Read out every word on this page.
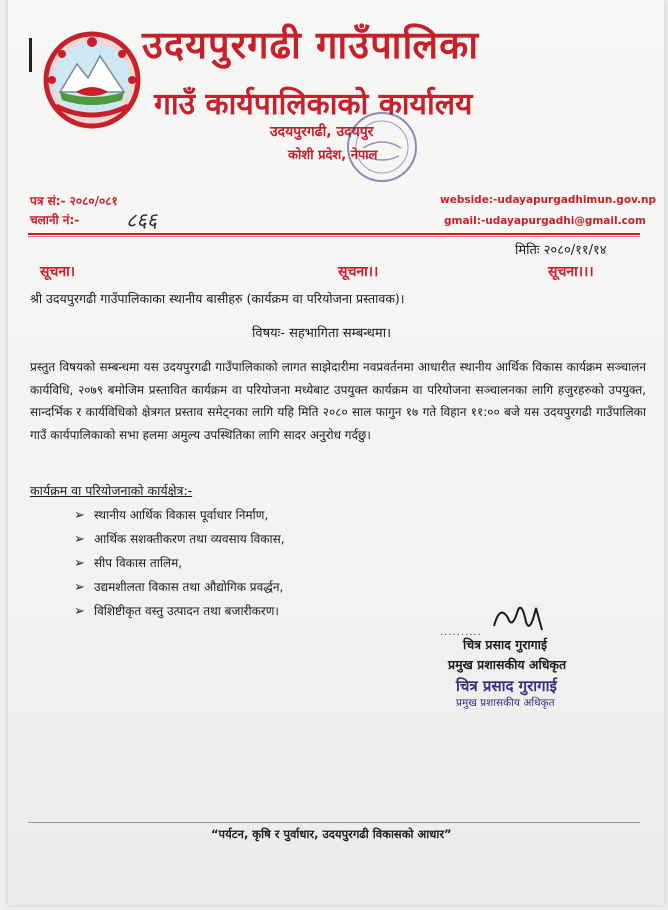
उदयपुरगढी गाउँपालिका
गाउँ कार्यपालिकाको कार्यालय
उदयपुरगढी, उदयपुर
कोशी प्रदेश, नेपाल
पत्र सं:- २०८०/०८१
चलानी नं:- ८६६
webside:-udayapurgadhimun.gov.np
gmail:-udayapurgadhi@gmail.com
मितिः २०८०/११/१४
सूचना।	सूचना।।	सूचना।।।
श्री उदयपुरगढी गाउँपालिकाका स्थानीय बासीहरु (कार्यक्रम वा परियोजना प्रस्तावक)।
विषयः- सहभागिता सम्बन्धमा।
प्रस्तुत विषयको सम्बन्धमा यस उदयपुरगढी गाउँपालिकाको लागत साझेदारीमा नवप्रवर्तनमा आधारीत स्थानीय आर्थिक विकास कार्यक्रम सञ्चालन कार्यविधि, २०७९ बमोजिम प्रस्तावित कार्यक्रम वा परियोजना मध्येबाट उपयुक्त कार्यक्रम वा परियोजना सञ्चालनका लागि हजुरहरुको उपयुक्त, सान्दर्भिक र कार्यविधिको क्षेत्रगत प्रस्ताव समेट्नका लागि यहि मिति २०८० साल फागुन १७ गते विहान ११:०० बजे यस उदयपुरगढी गाउँपालिका गाउँ कार्यपालिकाको सभा हलमा अमुल्य उपस्थितिका लागि सादर अनुरोध गर्दछु।
कार्यक्रम वा परियोजनाको कार्यक्षेत्र:-
➢ स्थानीय आर्थिक विकास पूर्वाधार निर्माण,
➢ आर्थिक सशक्तीकरण तथा व्यवसाय विकास,
➢ सीप विकास तालिम,
➢ उद्यमशीलता विकास तथा औद्योगिक प्रवर्द्धन,
➢ विशिष्टीकृत वस्तु उत्पादन तथा बजारीकरण।
..........
चित्र प्रसाद गुरागाई
प्रमुख प्रशासकीय अधिकृत
चित्र प्रसाद गुरागाई
प्रमुख प्रशासकीय अधिकृत
“पर्यटन, कृषि र पुर्वाधार, उदयपुरगढी विकासको आधार”
